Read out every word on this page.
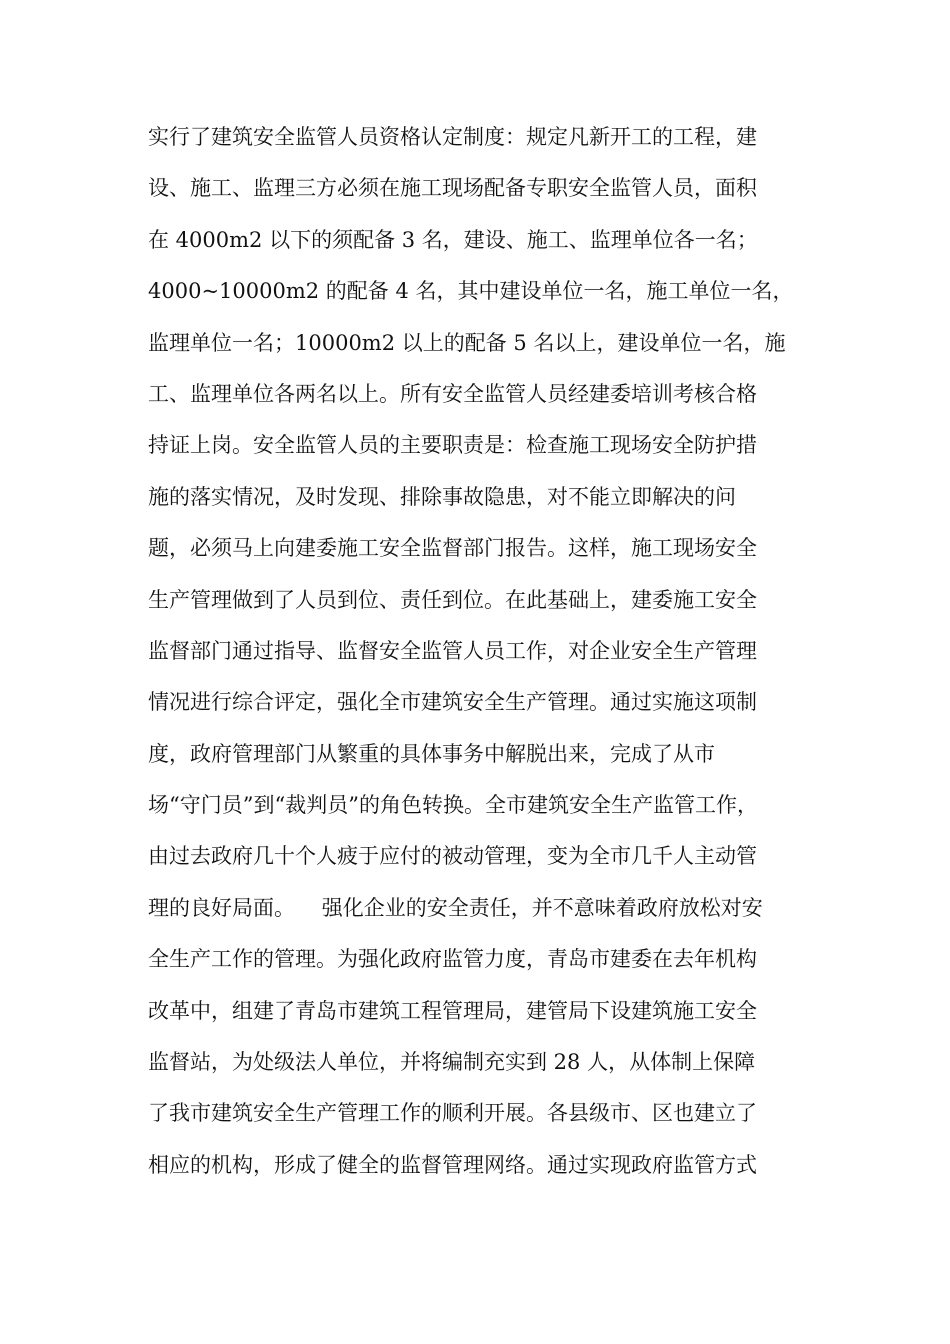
实行了建筑安全监管人员资格认定制度：规定凡新开工的工程，建
设、施工、监理三方必须在施工现场配备专职安全监管人员，面积
在 4000m2 以下的须配备 3 名，建设、施工、监理单位各一名；
4000~10000m2 的配备 4 名，其中建设单位一名，施工单位一名，
监理单位一名；10000m2 以上的配备 5 名以上，建设单位一名，施
工、监理单位各两名以上。所有安全监管人员经建委培训考核合格
持证上岗。安全监管人员的主要职责是：检查施工现场安全防护措
施的落实情况，及时发现、排除事故隐患，对不能立即解决的问
题，必须马上向建委施工安全监督部门报告。这样，施工现场安全
生产管理做到了人员到位、责任到位。在此基础上，建委施工安全
监督部门通过指导、监督安全监管人员工作，对企业安全生产管理
情况进行综合评定，强化全市建筑安全生产管理。通过实施这项制
度，政府管理部门从繁重的具体事务中解脱出来，完成了从市
场“守门员”到“裁判员”的角色转换。全市建筑安全生产监管工作，
由过去政府几十个人疲于应付的被动管理，变为全市几千人主动管
理的良好局面。    强化企业的安全责任，并不意味着政府放松对安
全生产工作的管理。为强化政府监管力度，青岛市建委在去年机构
改革中，组建了青岛市建筑工程管理局，建管局下设建筑施工安全
监督站，为处级法人单位，并将编制充实到 28 人，从体制上保障
了我市建筑安全生产管理工作的顺利开展。各县级市、区也建立了
相应的机构，形成了健全的监督管理网络。通过实现政府监管方式
